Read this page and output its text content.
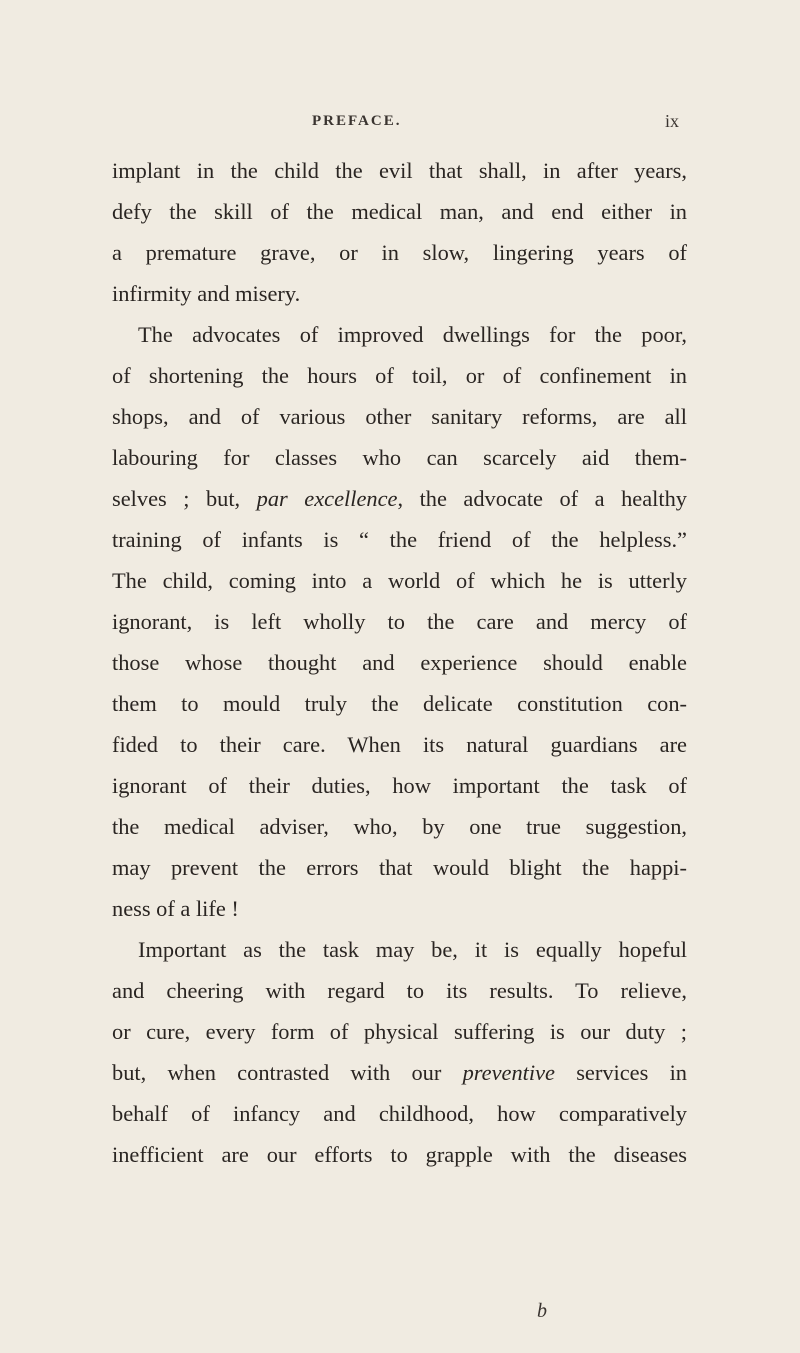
PREFACE.	ix
implant in the child the evil that shall, in after years,
defy the skill of the medical man, and end either in
a premature grave, or in slow, lingering years of
infirmity and misery.
The advocates of improved dwellings for the poor,
of shortening the hours of toil, or of confinement in
shops, and of various other sanitary reforms, are all
labouring for classes who can scarcely aid them-
selves ; but, par excellence, the advocate of a healthy
training of infants is “ the friend of the helpless.”
The child, coming into a world of which he is utterly
ignorant, is left wholly to the care and mercy of
those whose thought and experience should enable
them to mould truly the delicate constitution con-
fided to their care. When its natural guardians are
ignorant of their duties, how important the task of
the medical adviser, who, by one true suggestion,
may prevent the errors that would blight the happi-
ness of a life !
Important as the task may be, it is equally hopeful
and cheering with regard to its results. To relieve,
or cure, every form of physical suffering is our duty ;
but, when contrasted with our preventive services in
behalf of infancy and childhood, how comparatively
inefficient are our efforts to grapple with the diseases
b
